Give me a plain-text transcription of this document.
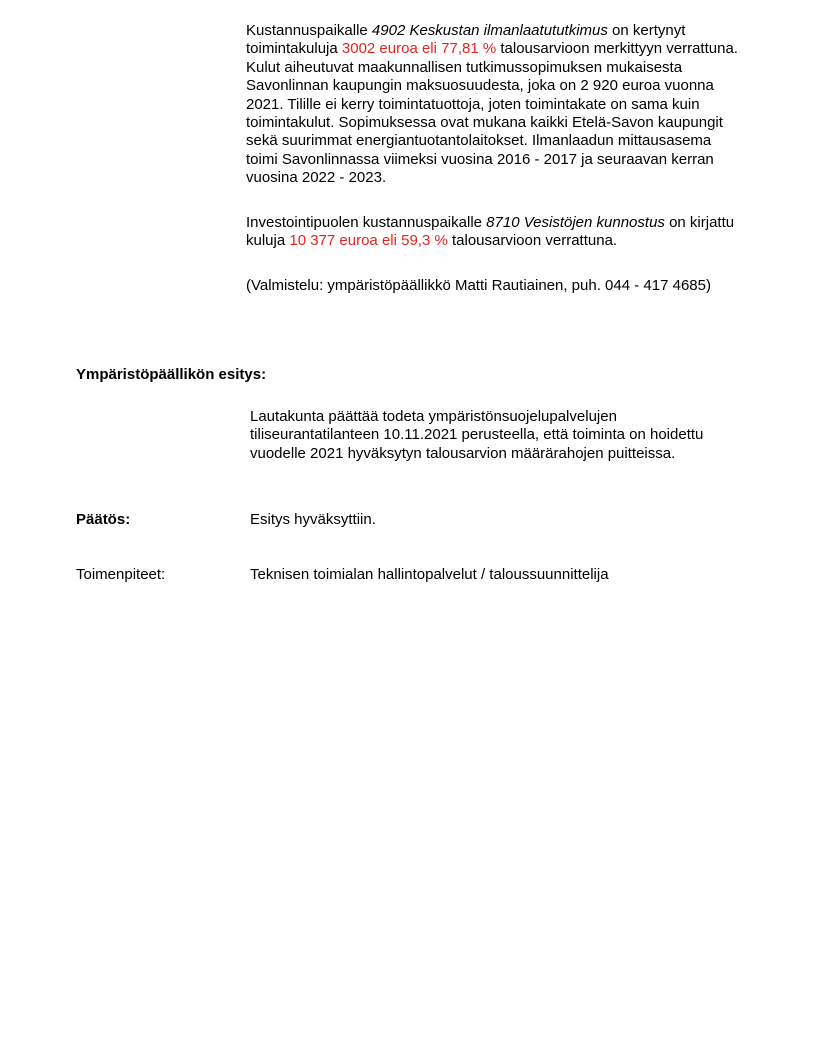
Kustannuspaikalle 4902 Keskustan ilmanlaatututkimus on kertynyt toimintakuluja 3002 euroa eli 77,81 % talousarvioon merkittyyn verrattuna. Kulut aiheutuvat maakunnallisen tutkimussopimuksen mukaisesta Savonlinnan kaupungin maksuosuudesta, joka on 2 920 euroa vuonna 2021. Tilille ei kerry toimintatuottoja, joten toimintakate on sama kuin toimintakulut. Sopimuksessa ovat mukana kaikki Etelä-Savon kaupungit sekä suurimmat energiantuotantolaitokset. Ilmanlaadun mittausasema toimi Savonlinnassa viimeksi vuosina 2016 - 2017 ja seuraavan kerran vuosina 2022 - 2023.

Investointipuolen kustannuspaikalle 8710 Vesistöjen kunnostus on kirjattu kuluja 10 377 euroa eli 59,3 % talousarvioon verrattuna.

(Valmistelu: ympäristöpäällikkö Matti Rautiainen, puh. 044 - 417 4685)

Ympäristöpäällikön esitys:

Lautakunta päättää todeta ympäristönsuojelupalvelujen tiliseurantatilanteen 10.11.2021 perusteella, että toiminta on hoidettu vuodelle 2021 hyväksytyn talousarvion määrärahojen puitteissa.

Päätös:	Esitys hyväksyttiin.
Toimenpiteet:	Teknisen toimialan hallintopalvelut / taloussuunnittelija
